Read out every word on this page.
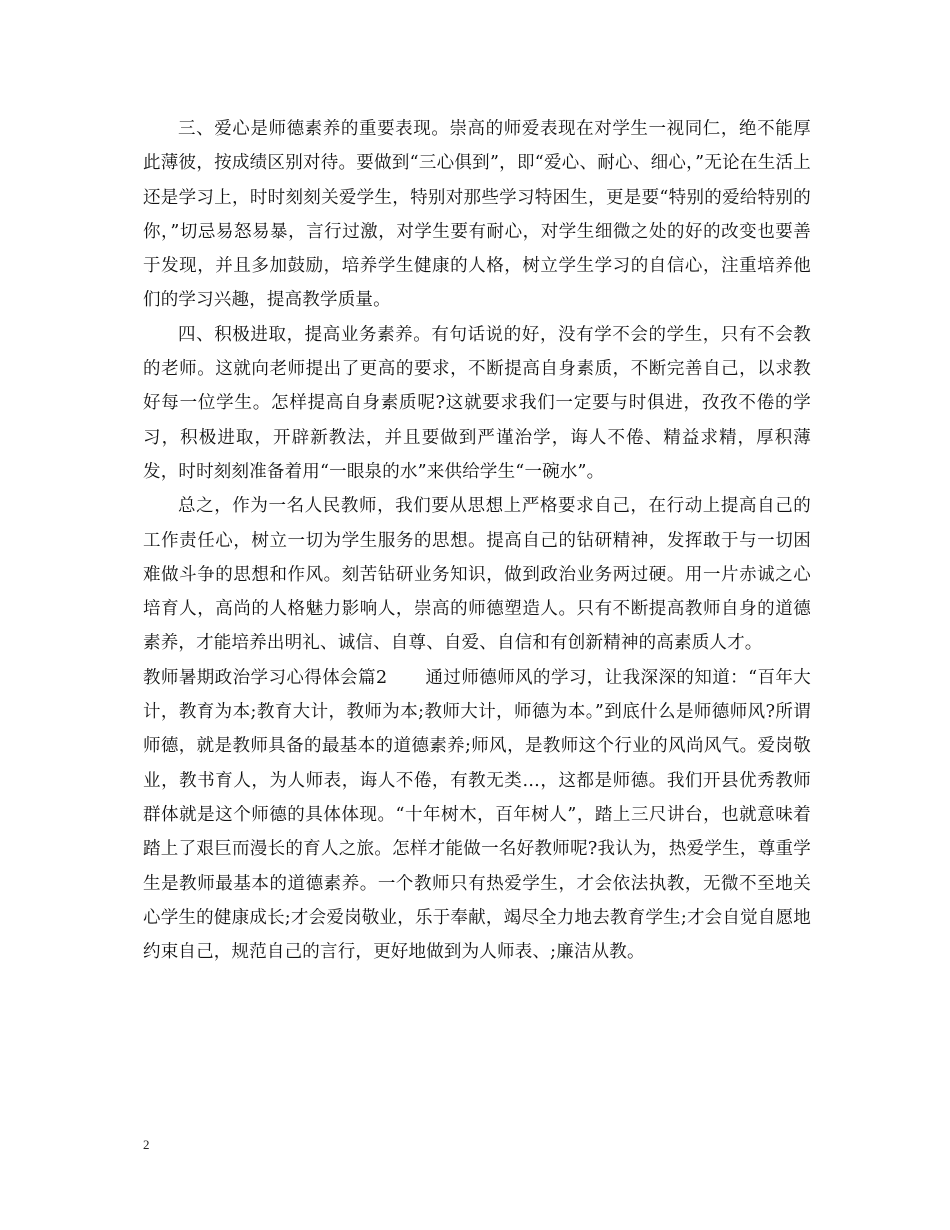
三、爱心是师德素养的重要表现。崇高的师爱表现在对学生一视同仁，绝不能厚此薄彼，按成绩区别对待。要做到“三心俱到”，即“爱心、耐心、细心，”无论在生活上还是学习上，时时刻刻关爱学生，特别对那些学习特困生，更是要“特别的爱给特别的你，”切忌易怒易暴，言行过激，对学生要有耐心，对学生细微之处的好的改变也要善于发现，并且多加鼓励，培养学生健康的人格，树立学生学习的自信心，注重培养他们的学习兴趣，提高教学质量。

四、积极进取，提高业务素养。有句话说的好，没有学不会的学生，只有不会教的老师。这就向老师提出了更高的要求，不断提高自身素质，不断完善自己，以求教好每一位学生。怎样提高自身素质呢?这就要求我们一定要与时俱进，孜孜不倦的学习，积极进取，开辟新教法，并且要做到严谨治学，诲人不倦、精益求精，厚积薄发，时时刻刻准备着用“一眼泉的水”来供给学生“一碗水”。

总之，作为一名人民教师，我们要从思想上严格要求自己，在行动上提高自己的工作责任心，树立一切为学生服务的思想。提高自己的钻研精神，发挥敢于与一切困难做斗争的思想和作风。刻苦钻研业务知识，做到政治业务两过硬。用一片赤诚之心培育人，高尚的人格魅力影响人，崇高的师德塑造人。只有不断提高教师自身的道德素养，才能培养出明礼、诚信、自尊、自爱、自信和有创新精神的高素质人才。

教师暑期政治学习心得体会篇2 通过师德师风的学习，让我深深的知道：“百年大计，教育为本;教育大计，教师为本;教师大计，师德为本。”到底什么是师德师风?所谓师德，就是教师具备的最基本的道德素养;师风，是教师这个行业的风尚风气。爱岗敬业，教书育人，为人师表，诲人不倦，有教无类…，这都是师德。我们开县优秀教师群体就是这个师德的具体体现。“十年树木，百年树人”，踏上三尺讲台，也就意味着踏上了艰巨而漫长的育人之旅。怎样才能做一名好教师呢?我认为，热爱学生，尊重学生是教师最基本的道德素养。一个教师只有热爱学生，才会依法执教，无微不至地关心学生的健康成长;才会爱岗敬业，乐于奉献，竭尽全力地去教育学生;才会自觉自愿地约束自己，规范自己的言行，更好地做到为人师表、;廉洁从教。

2
